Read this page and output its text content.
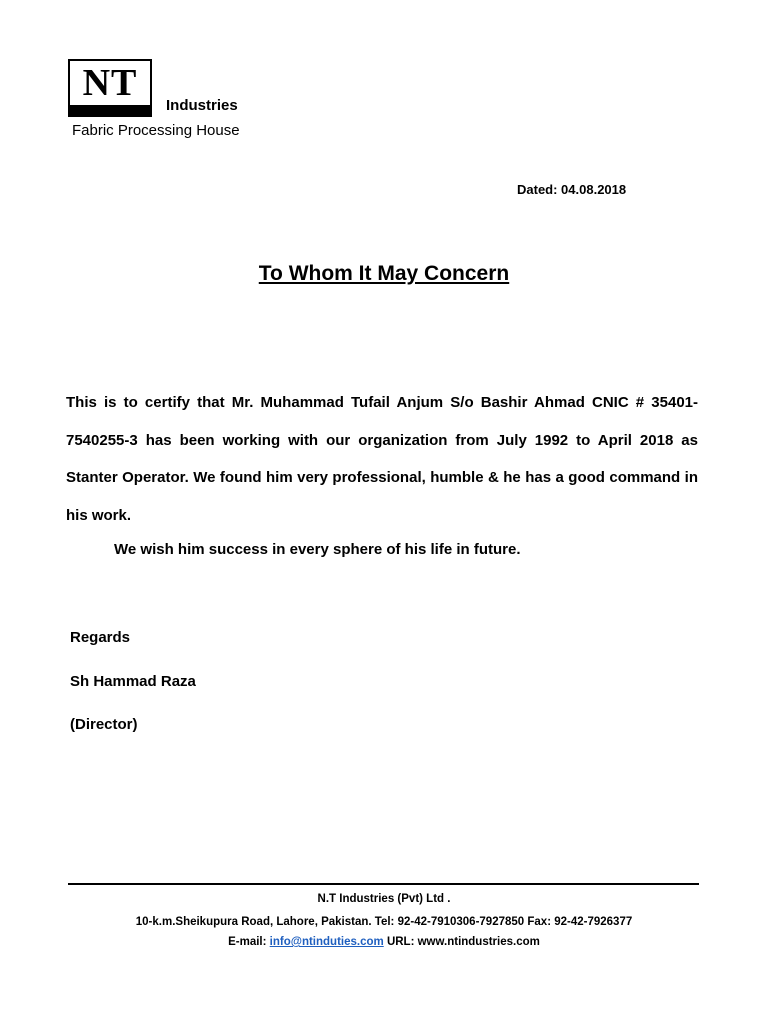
NT
Industries
Fabric Processing House
Dated: 04.08.2018
To Whom It May Concern

This is to certify that Mr. Muhammad Tufail Anjum S/o Bashir Ahmad CNIC # 35401-7540255-3 has been working with our organization from July 1992 to April 2018 as Stanter Operator. We found him very professional, humble & he has a good command in his work.

We wish him success in every sphere of his life in future.
Regards
Sh Hammad Raza
(Director)
N.T Industries (Pvt) Ltd .
10-k.m.Sheikupura Road, Lahore, Pakistan. Tel: 92-42-7910306-7927850 Fax: 92-42-7926377
E-mail: info@ntinduties.com URL: www.ntindustries.com
